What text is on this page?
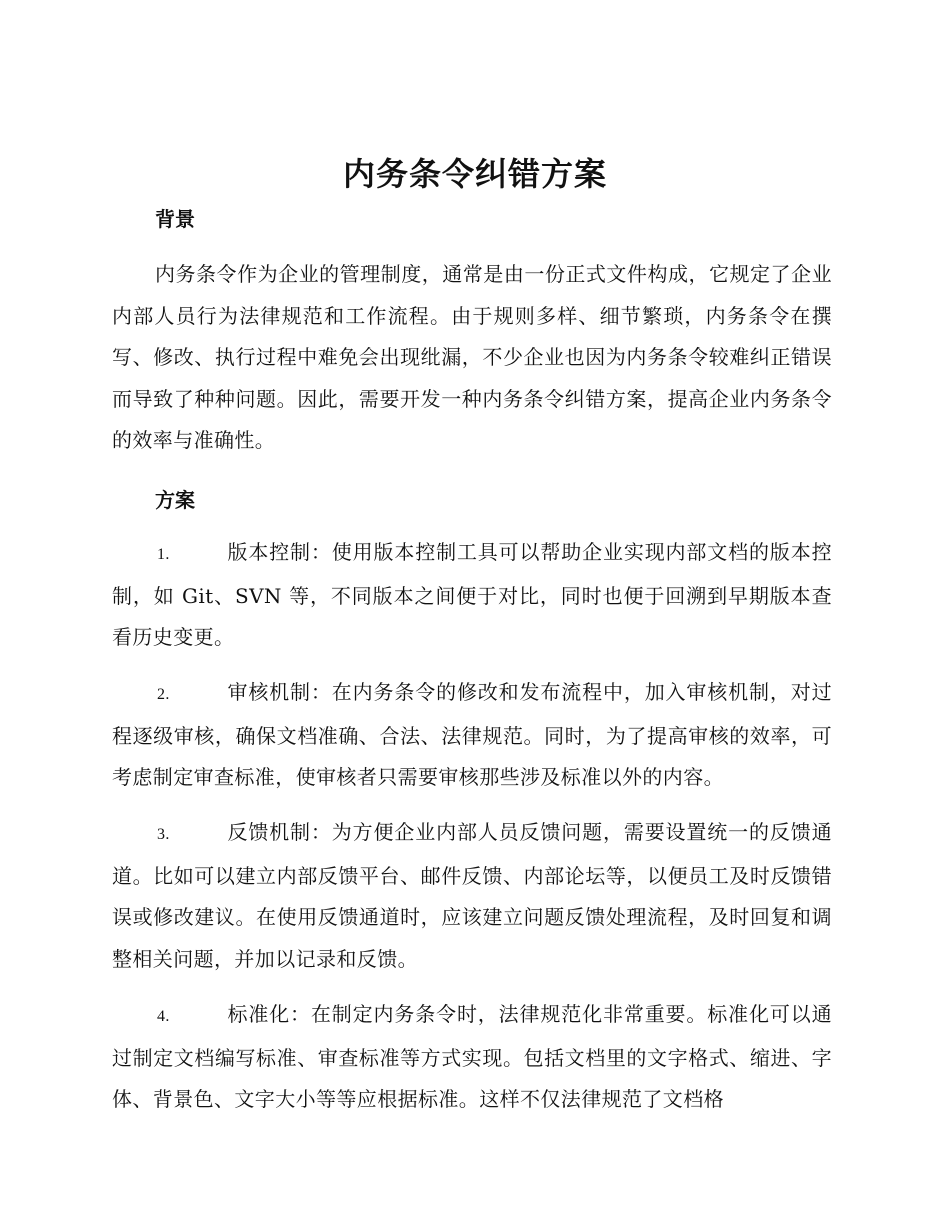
内务条令纠错方案
背景

内务条令作为企业的管理制度，通常是由一份正式文件构成，它规定了企业内部人员行为法律规范和工作流程。由于规则多样、细节繁琐，内务条令在撰写、修改、执行过程中难免会出现纰漏，不少企业也因为内务条令较难纠正错误而导致了种种问题。因此，需要开发一种内务条令纠错方案，提高企业内务条令的效率与准确性。

方案

1.	版本控制：使用版本控制工具可以帮助企业实现内部文档的版本控制，如 Git、SVN 等，不同版本之间便于对比，同时也便于回溯到早期版本查看历史变更。

2.	审核机制：在内务条令的修改和发布流程中，加入审核机制，对过程逐级审核，确保文档准确、合法、法律规范。同时，为了提高审核的效率，可考虑制定审查标准，使审核者只需要审核那些涉及标准以外的内容。

3.	反馈机制：为方便企业内部人员反馈问题，需要设置统一的反馈通道。比如可以建立内部反馈平台、邮件反馈、内部论坛等，以便员工及时反馈错误或修改建议。在使用反馈通道时，应该建立问题反馈处理流程，及时回复和调整相关问题，并加以记录和反馈。

4.	标准化：在制定内务条令时，法律规范化非常重要。标准化可以通过制定文档编写标准、审查标准等方式实现。包括文档里的文字格式、缩进、字体、背景色、文字大小等等应根据标准。这样不仅法律规范了文档格
